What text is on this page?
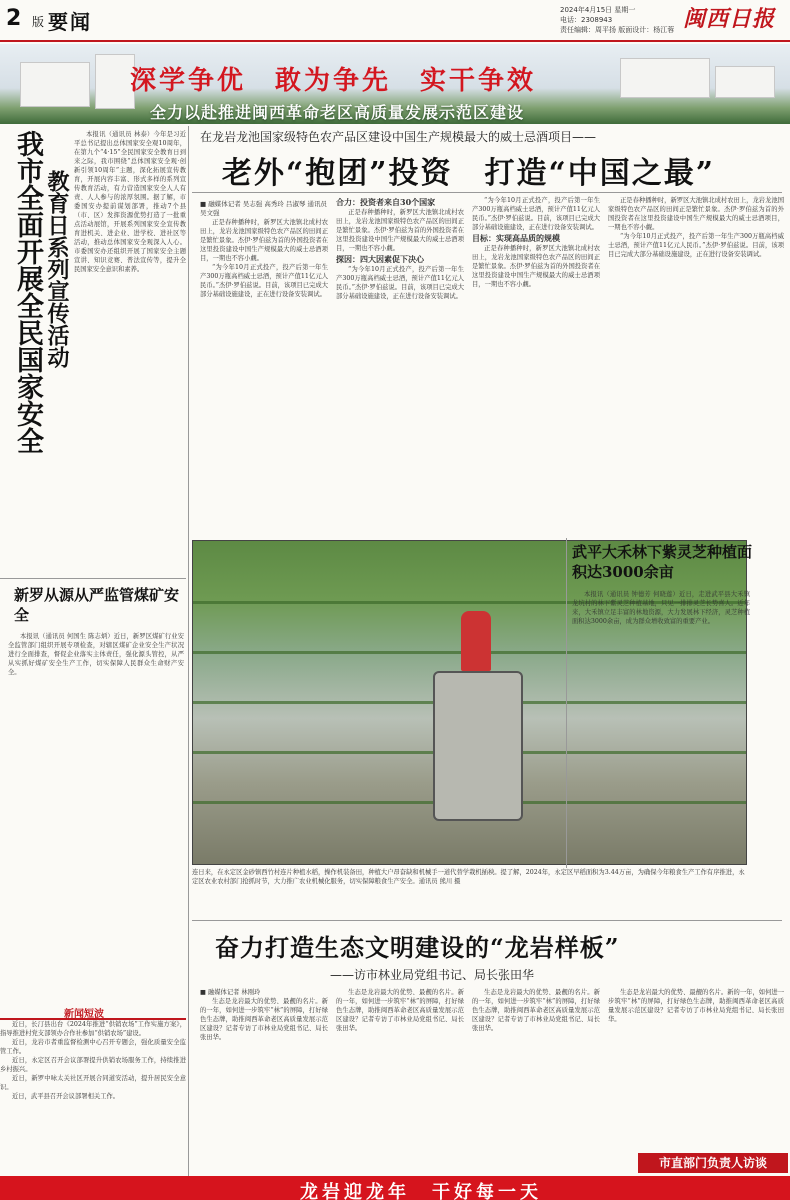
2 版 要闻	2024年4月15日 星期一
电话：2308943
责任编辑：周平扬 版面设计：杨江蓉 闽西日报
深学争优　敢为争先　实干争效
全力以赴推进闽西革命老区高质量发展示范区建设
我市全面开展全民国家安全 教育日系列宣传活动

本报讯（通讯员 林泰）今年是习近平总书记提出总体国家安全观10周年，在第九个“4·15”全民国家安全教育日到来之际，我市围绕“总体国家安全观·创新引领10周年”主题，深化拓展宣传教育，开展内容丰富、形式多样的系列宣传教育活动，有力营造国家安全人人有责、人人参与的浓厚氛围。据了解，市委国安办提前谋划部署，推动7个县（市、区）发挥资源优势打造了一批重点活动展馆，开展系列国家安全宣传教育进机关、进企业、进学校、进社区等活动，推动总体国家安全观深入人心。市委国安办还组织开展了国家安全主题宣讲、知识竞赛、普法宣传等，提升全民国家安全意识和素养。

新罗从源从严监管煤矿安全

本报讯（通讯员 何国生 陈志炳）近日，新罗区煤矿行业安全监管部门组织开展专项检查，对辖区煤矿企业安全生产状况进行全面排查，督促企业落实主体责任，强化源头管控，从严从实抓好煤矿安全生产工作，切实保障人民群众生命财产安全。

新闻短波

近日，长汀县出台《2024年推进“供销农场”工作实施方案》，指导推进村党支部领办合作社参加“供销农场”建设。

近日，龙岩市者重监督检测中心召开专题会，强化质量安全监管工作。

近日，永定区召开会议部署提升供销农场服务工作，持续推进乡村振兴。

近日，新罗中咏太关社区开展合同道安活动，提升居民安全意识。

近日，武平县召开会议部署相关工作。

在龙岩龙池国家级特色农产品区建设中国生产规模最大的威士忌酒项目——
老外“抱团”投资　打造“中国之最”
■ 融媒体记者 吴志强 高秀玲 吕淑琴 通讯员 吴文强

正是春种播种时，新罗区大池镇北成村农田上，龙岩龙池国家级特色农产品区的田间正是繁忙景象。杰伊·罗伯兹为首的外国投资者在这里投资建设中国生产规模最大的威士忌酒项目，一期也不容小觑。

“为今年10月正式投产，投产后第一年生产300万瓶高档威士忌酒，预计产值11亿元人民币。”杰伊·罗伯兹说。目前，该项目已完成大部分基础设施建设，正在进行设备安装调试。

合力：投资者来自30个国家

正是春种播种时，新罗区大池镇北成村农田上，龙岩龙池国家级特色农产品区的田间正是繁忙景象。杰伊·罗伯兹为首的外国投资者在这里投资建设中国生产规模最大的威士忌酒项目，一期也不容小觑。

探因：四大因素促下决心

“为今年10月正式投产，投产后第一年生产300万瓶高档威士忌酒，预计产值11亿元人民币。”杰伊·罗伯兹说。目前，该项目已完成大部分基础设施建设，正在进行设备安装调试。

“为今年10月正式投产，投产后第一年生产300万瓶高档威士忌酒，预计产值11亿元人民币。”杰伊·罗伯兹说。目前，该项目已完成大部分基础设施建设，正在进行设备安装调试。

目标：实现高品质的规模

正是春种播种时，新罗区大池镇北成村农田上，龙岩龙池国家级特色农产品区的田间正是繁忙景象。杰伊·罗伯兹为首的外国投资者在这里投资建设中国生产规模最大的威士忌酒项目，一期也不容小觑。

正是春种播种时，新罗区大池镇北成村农田上，龙岩龙池国家级特色农产品区的田间正是繁忙景象。杰伊·罗伯兹为首的外国投资者在这里投资建设中国生产规模最大的威士忌酒项目，一期也不容小觑。

“为今年10月正式投产，投产后第一年生产300万瓶高档威士忌酒，预计产值11亿元人民币。”杰伊·罗伯兹说。目前，该项目已完成大部分基础设施建设，正在进行设备安装调试。

连日来，在永定区金砂镇西竹村连片种植水稻，操作机装备田，种植大户昂奋缺和机械手一道代替学栽机插秧。提了解，2024年，永定区早稻面积为3.44万亩，为确保今年粮食生产工作有序推进，永定区农业农村部门抢抓时节，大力推广农业机械化服务，切实保障粮食生产安全。通讯员 熊川 摄
武平大禾林下紫灵芝种植面积达3000余亩

本报讯（通讯员 钟德芳 何晓莲）近日，走进武平县大禾镇龙坑村的林下紫灵芝种植基地，只见一排排灵芝长势喜人。近年来，大禾镇立足丰富的林地资源，大力发展林下经济，灵芝种植面积达3000余亩，成为群众增收致富的重要产业。

奋力打造生态文明建设的“龙岩样板”
——访市林业局党组书记、局长张田华

■ 融媒体记者 林刚玲

生态是龙岩最大的优势、最靓的名片。新的一年，如何进一步筑牢“林”的屏障，打好绿色生态牌，助推闽西革命老区高质量发展示范区建设？记者专访了市林业局党组书记、局长张田华。

生态是龙岩最大的优势、最靓的名片。新的一年，如何进一步筑牢“林”的屏障，打好绿色生态牌，助推闽西革命老区高质量发展示范区建设？记者专访了市林业局党组书记、局长张田华。

生态是龙岩最大的优势、最靓的名片。新的一年，如何进一步筑牢“林”的屏障，打好绿色生态牌，助推闽西革命老区高质量发展示范区建设？记者专访了市林业局党组书记、局长张田华。

生态是龙岩最大的优势、最靓的名片。新的一年，如何进一步筑牢“林”的屏障，打好绿色生态牌，助推闽西革命老区高质量发展示范区建设？记者专访了市林业局党组书记、局长张田华。

市直部门负责人访谈
龙岩迎龙年　干好每一天
